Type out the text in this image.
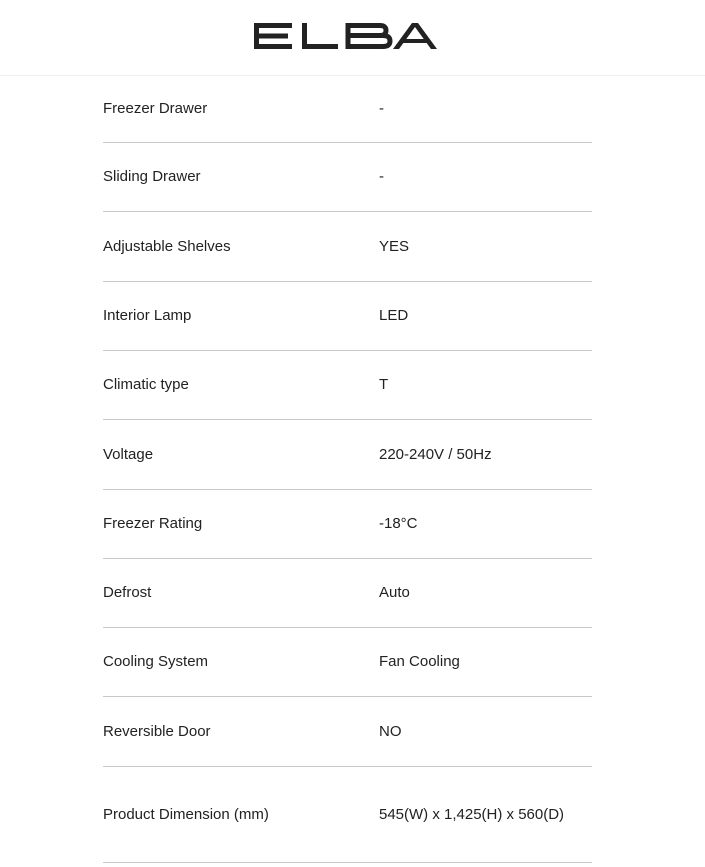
Freezer Drawer	-
Sliding Drawer	-
Adjustable Shelves	YES
Interior Lamp	LED
Climatic type	T
Voltage	220-240V / 50Hz
Freezer Rating	-18°C
Defrost	Auto
Cooling System	Fan Cooling
Reversible Door	NO
Product Dimension (mm)	545(W) x 1,425(H) x 560(D)
